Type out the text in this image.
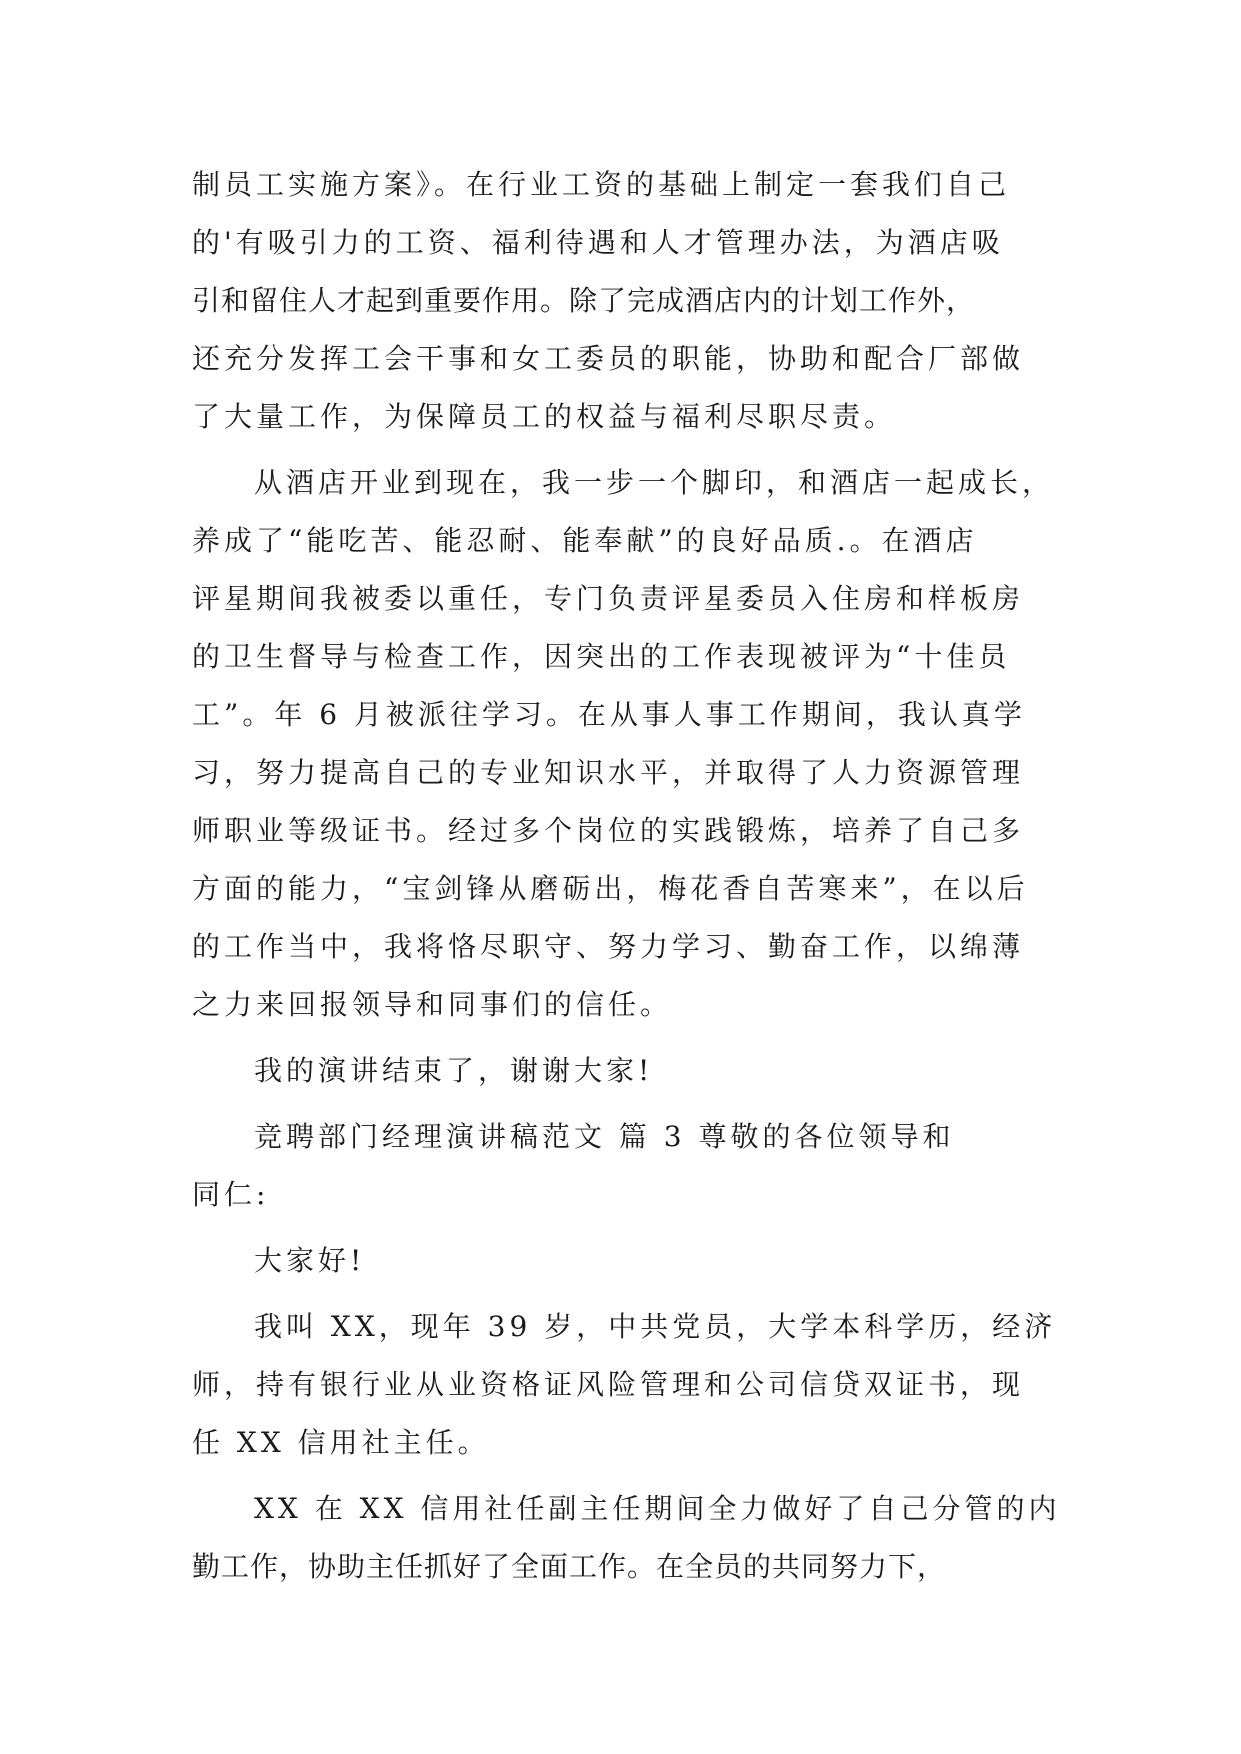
制员工实施方案》。在行业工资的基础上制定一套我们自己
的'有吸引力的工资、福利待遇和人才管理办法，为酒店吸
引和留住人才起到重要作用。除了完成酒店内的计划工作外，
还充分发挥工会干事和女工委员的职能，协助和配合厂部做
了大量工作，为保障员工的权益与福利尽职尽责。
从酒店开业到现在，我一步一个脚印，和酒店一起成长，
养成了“能吃苦、能忍耐、能奉献”的良好品质.。在酒店
评星期间我被委以重任，专门负责评星委员入住房和样板房
的卫生督导与检查工作，因突出的工作表现被评为“十佳员
工”。年 6 月被派往学习。在从事人事工作期间，我认真学
习，努力提高自己的专业知识水平，并取得了人力资源管理
师职业等级证书。经过多个岗位的实践锻炼，培养了自己多
方面的能力，“宝剑锋从磨砺出，梅花香自苦寒来”，在以后
的工作当中，我将恪尽职守、努力学习、勤奋工作，以绵薄
之力来回报领导和同事们的信任。
我的演讲结束了，谢谢大家!
竞聘部门经理演讲稿范文 篇 3 尊敬的各位领导和
同仁:
大家好!
我叫 XX，现年 39 岁，中共党员，大学本科学历，经济
师，持有银行业从业资格证风险管理和公司信贷双证书，现
任 XX 信用社主任。
XX 在 XX 信用社任副主任期间全力做好了自己分管的内
勤工作，协助主任抓好了全面工作。在全员的共同努力下，
